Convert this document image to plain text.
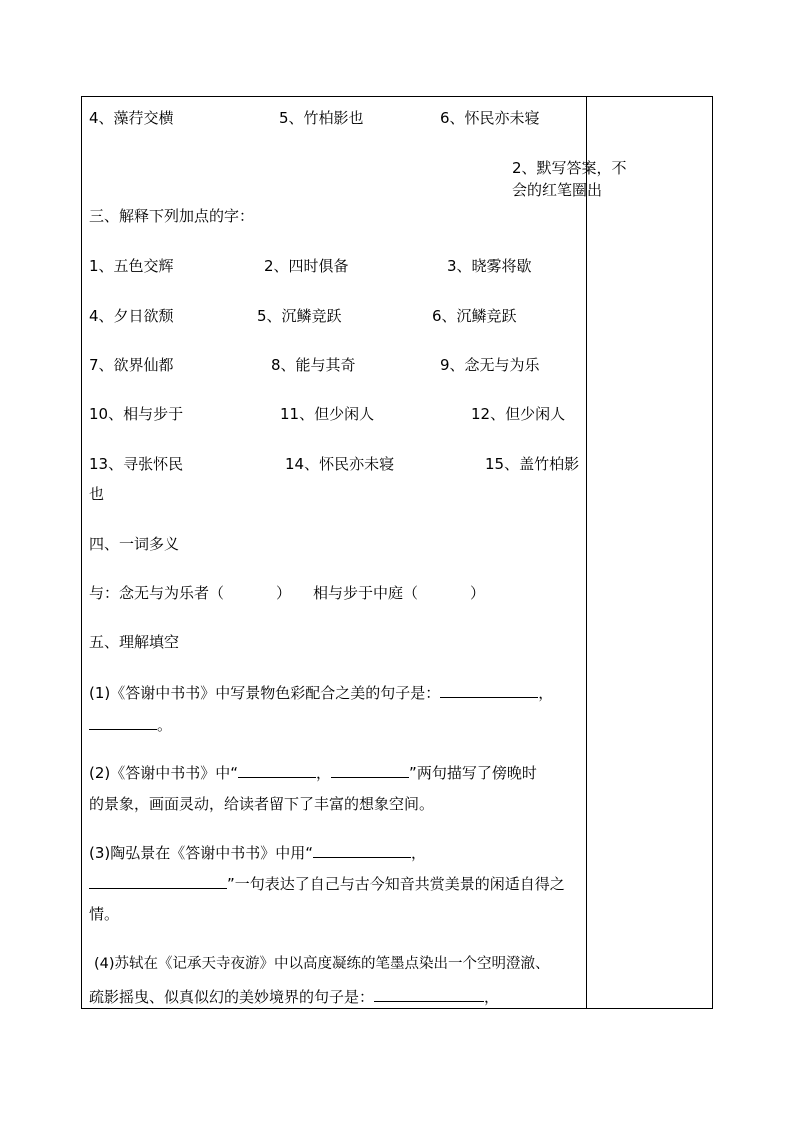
4、藻荇交横	5、竹柏影也	6、怀民亦未寝
三、解释下列加点的字：
1、五色交辉	2、四时俱备	3、晓雾将歇
4、夕日欲颓	5、沉鳞竞跃	6、沉鳞竞跃
7、欲界仙都	8、能与其奇	9、念无与为乐
10、相与步于	11、但少闲人	12、但少闲人
13、寻张怀民	14、怀民亦未寝	15、盖竹柏影
也
四、一词多义
与：念无与为乐者（	） 相与步于中庭（	）
五、理解填空
(1)《答谢中书书》中写景物色彩配合之美的句子是：	，
。
(2)《答谢中书书》中“	，	”两句描写了傍晚时
的景象，画面灵动，给读者留下了丰富的想象空间。
(3)陶弘景在《答谢中书书》中用“	，
”一句表达了自己与古今知音共赏美景的闲适自得之
情。
(4)苏轼在《记承天寺夜游》中以高度凝练的笔墨点染出一个空明澄澈、
疏影摇曳、似真似幻的美妙境界的句子是：	，
2、默写答案，不会的红笔圈出
